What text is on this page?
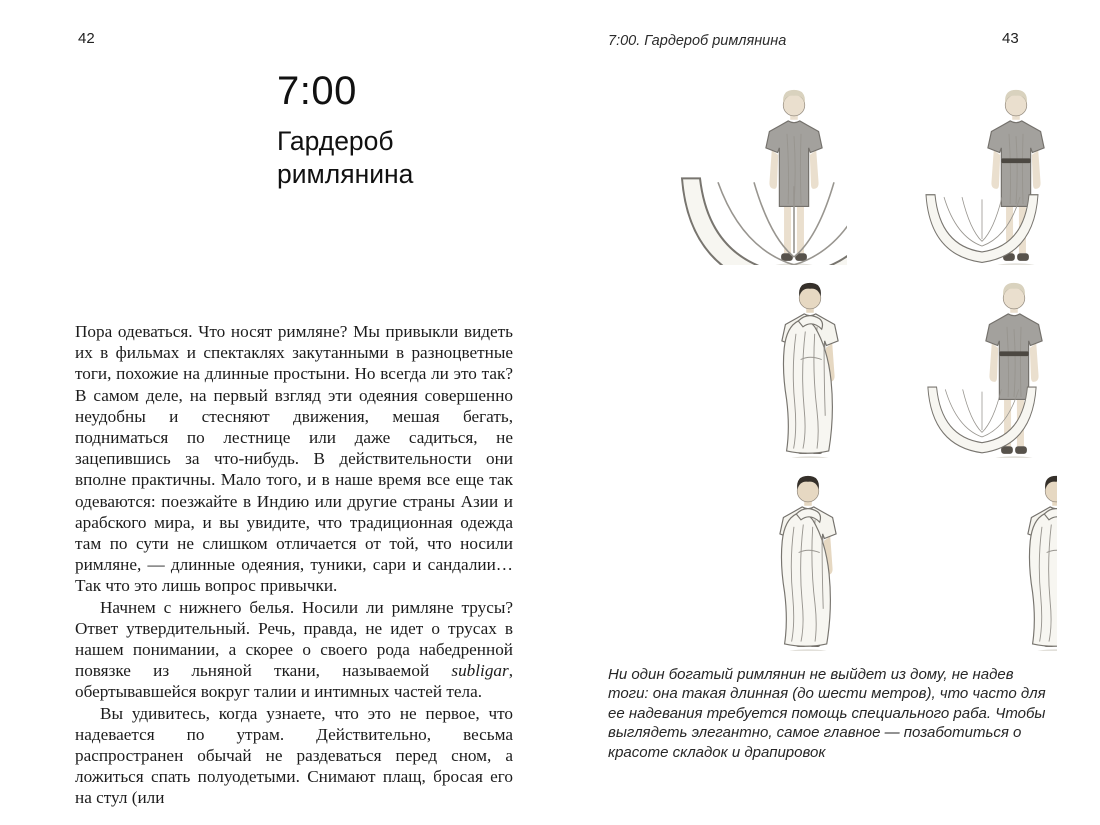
42
7:00
Гардероб римлянина

Пора одеваться. Что носят римляне? Мы привыкли видеть их в фильмах и спектаклях закутанными в разноцветные тоги, похожие на длинные простыни. Но всегда ли это так? В самом деле, на первый взгляд эти одеяния совершенно неудобны и стесняют движения, мешая бегать, подниматься по лестнице или даже садиться, не зацепившись за что-нибудь. В действительности они вполне практичны. Мало того, и в наше время все еще так одеваются: поезжайте в Индию или другие страны Азии и арабского мира, и вы увидите, что традиционная одежда там по сути не слишком отличается от той, что носили римляне, — длинные одеяния, туники, сари и сандалии… Так что это лишь вопрос привычки.

Начнем с нижнего белья. Носили ли римляне трусы? Ответ утвердительный. Речь, правда, не идет о трусах в нашем понимании, а скорее о своего рода набедренной повязке из льняной ткани, называемой subligar, обертывавшейся вокруг талии и интимных частей тела.

Вы удивитесь, когда узнаете, что это не первое, что надевается по утрам. Действительно, весьма распространен обычай не раздеваться перед сном, а ложиться спать полуодетыми. Снимают плащ, бросая его на стул (или

7:00. Гардероб римлянина	43
Ни один богатый римлянин не выйдет из дому, не надев тоги: она такая длинная (до шести метров), что часто для ее надевания требуется помощь специального раба. Чтобы выглядеть элегантно, самое главное — позаботиться о красоте складок и драпировок
